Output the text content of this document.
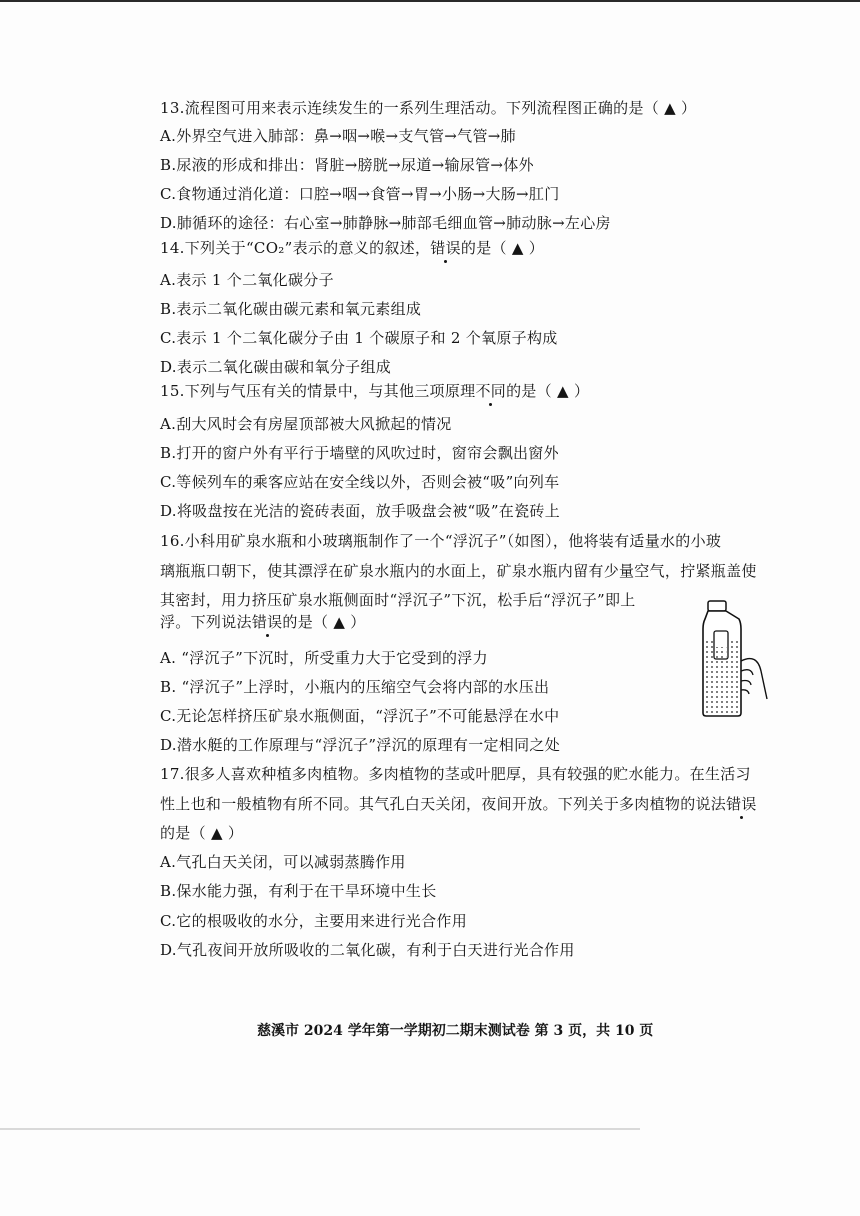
13.流程图可用来表示连续发生的一系列生理活动。下列流程图正确的是（ ▲ ）
A.外界空气进入肺部：鼻→咽→喉→支气管→气管→肺
B.尿液的形成和排出：肾脏→膀胱→尿道→输尿管→体外
C.食物通过消化道：口腔→咽→食管→胃→小肠→大肠→肛门
D.肺循环的途径：右心室→肺静脉→肺部毛细血管→肺动脉→左心房
14.下列关于“CO₂”表示的意义的叙述，错误的是（ ▲ ）
A.表示 1 个二氧化碳分子
B.表示二氧化碳由碳元素和氧元素组成
C.表示 1 个二氧化碳分子由 1 个碳原子和 2 个氧原子构成
D.表示二氧化碳由碳和氧分子组成
15.下列与气压有关的情景中，与其他三项原理不同的是（ ▲ ）
A.刮大风时会有房屋顶部被大风掀起的情况
B.打开的窗户外有平行于墙壁的风吹过时，窗帘会飘出窗外
C.等候列车的乘客应站在安全线以外，否则会被“吸”向列车
D.将吸盘按在光洁的瓷砖表面，放手吸盘会被“吸”在瓷砖上
16.小科用矿泉水瓶和小玻璃瓶制作了一个“浮沉子”（如图），他将装有适量水的小玻
璃瓶瓶口朝下，使其漂浮在矿泉水瓶内的水面上，矿泉水瓶内留有少量空气，拧紧瓶盖使
其密封，用力挤压矿泉水瓶侧面时“浮沉子”下沉，松手后“浮沉子”即上
浮。下列说法错误的是（ ▲ ）
A. “浮沉子”下沉时，所受重力大于它受到的浮力
B. “浮沉子”上浮时，小瓶内的压缩空气会将内部的水压出
C.无论怎样挤压矿泉水瓶侧面，“浮沉子”不可能悬浮在水中
D.潜水艇的工作原理与“浮沉子”浮沉的原理有一定相同之处
17.很多人喜欢种植多肉植物。多肉植物的茎或叶肥厚，具有较强的贮水能力。在生活习
性上也和一般植物有所不同。其气孔白天关闭，夜间开放。下列关于多肉植物的说法错误
的是（ ▲ ）
A.气孔白天关闭，可以减弱蒸腾作用
B.保水能力强，有利于在干旱环境中生长
C.它的根吸收的水分，主要用来进行光合作用
D.气孔夜间开放所吸收的二氧化碳，有利于白天进行光合作用
慈溪市 2024 学年第一学期初二期末测试卷 第 3 页，共 10 页
